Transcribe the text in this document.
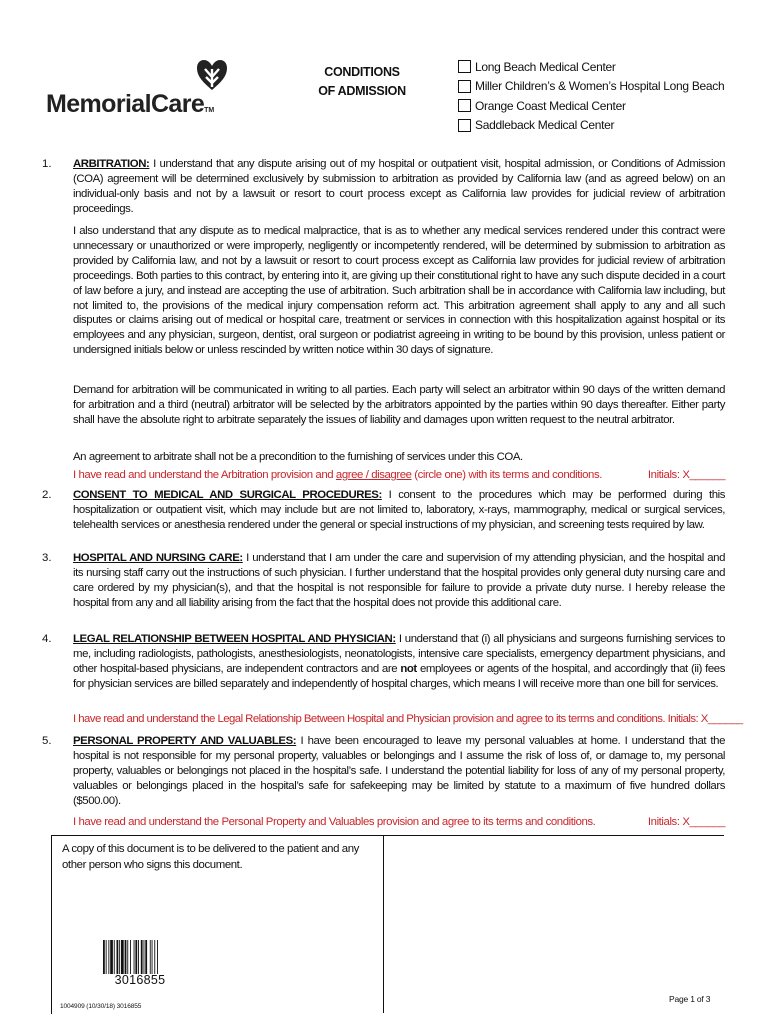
MemorialCareTM
CONDITIONS
OF ADMISSION
Long Beach Medical Center
Miller Children’s & Women’s Hospital Long Beach
Orange Coast Medical Center
Saddleback Medical Center
1. ARBITRATION: I understand that any dispute arising out of my hospital or outpatient visit, hospital admission, or Conditions of Admission (COA) agreement will be determined exclusively by submission to arbitration as provided by California law (and as agreed below) on an individual-only basis and not by a lawsuit or resort to court process except as California law provides for judicial review of arbitration proceedings.
I also understand that any dispute as to medical malpractice, that is as to whether any medical services rendered under this contract were unnecessary or unauthorized or were improperly, negligently or incompetently rendered, will be determined by submission to arbitration as provided by California law, and not by a lawsuit or resort to court process except as California law provides for judicial review of arbitration proceedings. Both parties to this contract, by entering into it, are giving up their constitutional right to have any such dispute decided in a court of law before a jury, and instead are accepting the use of arbitration. Such arbitration shall be in accordance with California law including, but not limited to, the provisions of the medical injury compensation reform act. This arbitration agreement shall apply to any and all such disputes or claims arising out of medical or hospital care, treatment or services in connection with this hospitalization against hospital or its employees and any physician, surgeon, dentist, oral surgeon or podiatrist agreeing in writing to be bound by this provision, unless patient or undersigned initials below or unless rescinded by written notice within 30 days of signature.
Demand for arbitration will be communicated in writing to all parties. Each party will select an arbitrator within 90 days of the written demand for arbitration and a third (neutral) arbitrator will be selected by the arbitrators appointed by the parties within 90 days thereafter. Either party shall have the absolute right to arbitrate separately the issues of liability and damages upon written request to the neutral arbitrator.
An agreement to arbitrate shall not be a precondition to the furnishing of services under this COA.
I have read and understand the Arbitration provision and agree / disagree (circle one) with its terms and conditions.	Initials: X______
2. CONSENT TO MEDICAL AND SURGICAL PROCEDURES: I consent to the procedures which may be performed during this hospitalization or outpatient visit, which may include but are not limited to, laboratory, x-rays, mammography, medical or surgical services, telehealth services or anesthesia rendered under the general or special instructions of my physician, and screening tests required by law.
3. HOSPITAL AND NURSING CARE: I understand that I am under the care and supervision of my attending physician, and the hospital and its nursing staff carry out the instructions of such physician. I further understand that the hospital provides only general duty nursing care and care ordered by my physician(s), and that the hospital is not responsible for failure to provide a private duty nurse. I hereby release the hospital from any and all liability arising from the fact that the hospital does not provide this additional care.
4. LEGAL RELATIONSHIP BETWEEN HOSPITAL AND PHYSICIAN: I understand that (i) all physicians and surgeons furnishing services to me, including radiologists, pathologists, anesthesiologists, neonatologists, intensive care specialists, emergency department physicians, and other hospital-based physicians, are independent contractors and are not employees or agents of the hospital, and accordingly that (ii) fees for physician services are billed separately and independently of hospital charges, which means I will receive more than one bill for services.
I have read and understand the Legal Relationship Between Hospital and Physician provision and agree to its terms and conditions. Initials: X______
5. PERSONAL PROPERTY AND VALUABLES: I have been encouraged to leave my personal valuables at home. I understand that the hospital is not responsible for my personal property, valuables or belongings and I assume the risk of loss of, or damage to, my personal property, valuables or belongings not placed in the hospital’s safe. I understand the potential liability for loss of any of my personal property, valuables or belongings placed in the hospital’s safe for safekeeping may be limited by statute to a maximum of five hundred dollars ($500.00).
I have read and understand the Personal Property and Valuables provision and agree to its terms and conditions.	Initials: X______
A copy of this document is to be delivered to the patient and any other person who signs this document.
3016855
1004909 (10/30/18) 3016855
Page 1 of 3
